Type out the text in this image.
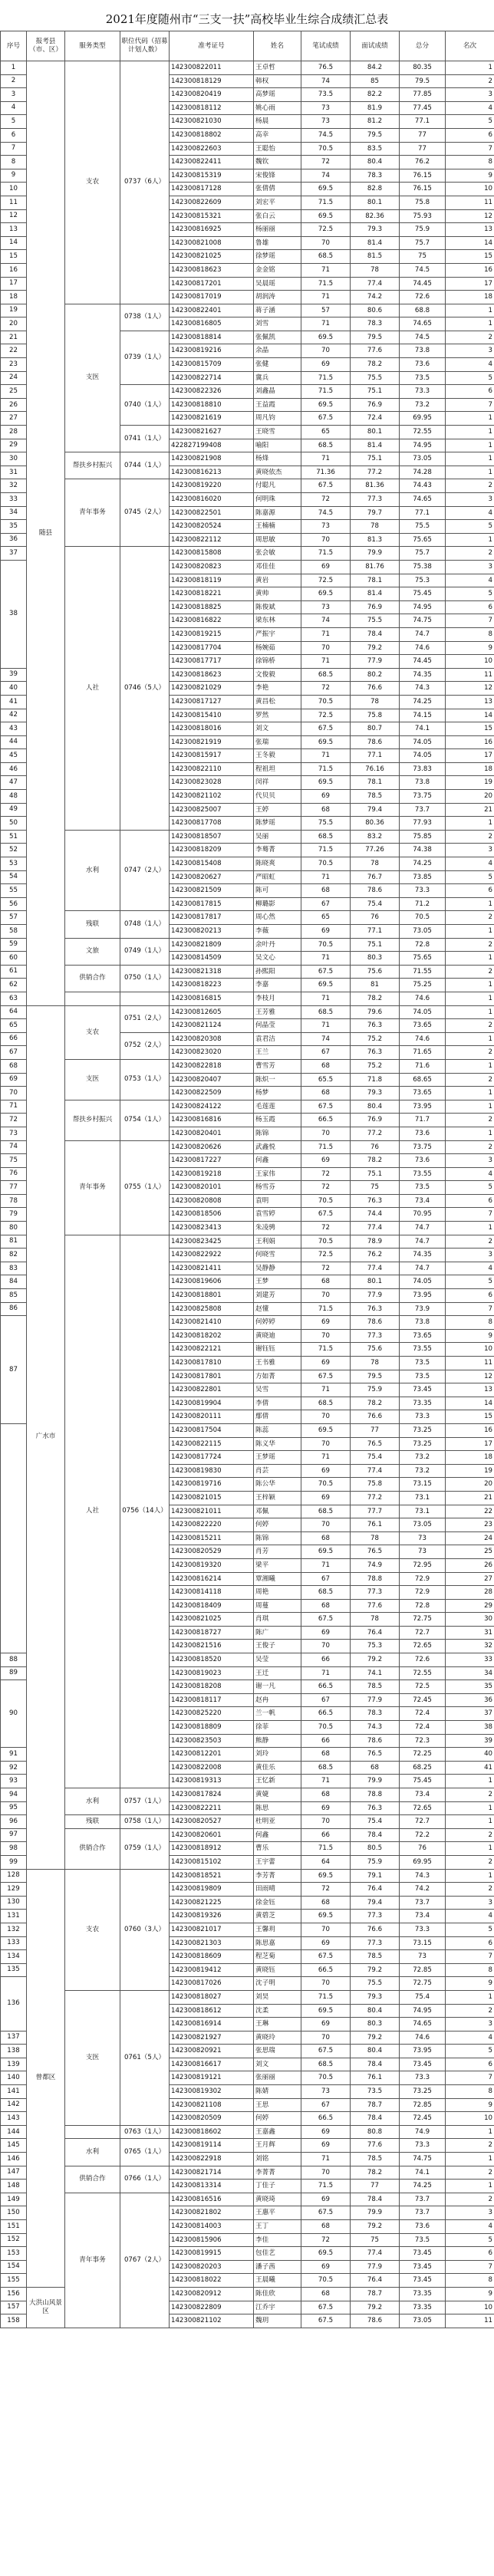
2021年度随州市“三支一扶”高校毕业生综合成绩汇总表
序号	报考县（市、区）	服务类型	职位代码（招募计划人数）	准考证号	姓名	笔试成绩	面试成绩	总分	名次
1	随县	支农	0737（6人）	142300822011	王卓哲	76.5	84.2	80.35	1
2				142300818129	韩权	74	85	79.5	2
3				142300820419	高梦瑶	73.5	82.2	77.85	3
4				142300818112	姚心雨	73	81.9	77.45	4
5				142300821030	杨晨	73	81.2	77.1	5
6				142300818802	高幸	74.5	79.5	77	6
7				142300822603	王聪怡	70.5	83.5	77	7
8				142300822411	魏钦	72	80.4	76.2	8
9				142300815319	宋俊锋	74	78.3	76.15	9
10				142300817128	张倩倩	69.5	82.8	76.15	10
11				142300822609	刘宏平	71.5	80.1	75.8	11
12				142300815321	张白云	69.5	82.36	75.93	12
13				142300816925	杨丽丽	72.5	79.3	75.9	13
14				142300821008	鲁雄	70	81.4	75.7	14
15				142300821025	徐梦瑶	68.5	81.5	75	15
16				142300818623	金金铭	71	78	74.5	16
17				142300817201	吴晨瑶	71.5	77.4	74.45	17
18				142300817019	胡润涛	71	74.2	72.6	18
19		支医	0738（1人）	142300822401	蒋子涵	57	80.6	68.8	1
20				142300816805	刘雪	71	78.3	74.65	1
21			0739（1人）	142300818814	张佩凯	69.5	79.5	74.5	2
22				142300819216	余晶	70	77.6	73.8	3
23				142300815709	张健	69	78.2	73.6	4
24				142300822714	冀兵	71.5	75.5	73.5	5
25			0740（1人）	142300822326	刘鑫晶	71.5	75.1	73.3	6
26				142300818810	王益霞	69.5	76.9	73.2	7
27				142300821619	周凡钧	67.5	72.4	69.95	1
28			0741（1人）	142300821627	王晓雪	65	80.1	72.55	1
29				422827199408	喻阳	68.5	81.4	74.95	1
30		帮扶乡村振兴	0744（1人）	142300821908	杨烽	71	75.1	73.05	1
31				142300816213	黄晓依杰	71.36	77.2	74.28	1
32		青年事务	0745（2人）	142300819220	付聪凡	67.5	81.36	74.43	2
33				142300816020	何明珠	72	77.3	74.65	3
34				142300822501	陈嘉源	74.5	79.7	77.1	4
35				142300820524	王楠楠	73	78	75.5	5
36				142300822112	周思敏	70	81.3	75.65	1
37		人社	0746（5人）	142300815808	张会敏	71.5	79.9	75.7	2
38				142300820823	邓佳佳	69	81.76	75.38	3
				142300818119	黄岩	72.5	78.1	75.3	4
				142300818221	黄帅	69.5	81.4	75.45	5
				142300818825	陈俊斌	73	76.9	74.95	6
				142300816822	梁东林	74	75.5	74.75	7
				142300819215	严振宇	71	78.4	74.7	8
				142300817704	杨婉茹	70	79.2	74.6	9
				142300817717	徐锦桥	71	77.9	74.45	10
39				142300818623	文俊毅	68.5	80.2	74.35	11
40				142300821029	李艳	72	76.6	74.3	12
41				142300817127	黄昌松	70.5	78	74.25	13
42				142300815410	罗然	72.5	75.8	74.15	14
43				142300818016	刘文	67.5	80.7	74.1	15
44				142300821919	张瑞	69.5	78.6	74.05	16
45				142300815917	王冬毅	71	77.1	74.05	17
46				142300822110	程祖坦	71.5	76.16	73.83	18
47				142300823028	闵祥	69.5	78.1	73.8	19
48				142300821102	代贝贝	69	78.5	73.75	20
49				142300825007	王婷	68	79.4	73.7	21
50				142300817708	陈梦瑶	75.5	80.36	77.93	1
51		水利	0747（2人）	142300818507	吴丽	68.5	83.2	75.85	2
52				142300818209	李蓦菁	71.5	77.26	74.38	3
53				142300815408	陈晓爽	70.5	78	74.25	4
54				142300820627	严昭虹	71	76.7	73.85	5
55				142300821509	陈可	68	78.6	73.3	6
56				142300817815	柳璐影	67	75.4	71.2	1
57		残联	0748（1人）	142300817817	周心然	65	76	70.5	2
58				142300820213	李薇	69	77.1	73.05	1
59		文旅	0749（1人）	142300821809	余叶丹	70.5	75.1	72.8	2
60				142300814509	吴文心	71	80.3	75.65	1
61		供销合作	0750（1人）	142300821318	孙熙阳	67.5	75.6	71.55	2
62				142300818223	李嘉	69.5	81	75.25	1
63				142300816815	李枝月	71	78.2	74.6	1
64	广水市	支农	0751（2人）	142300812605	王芳雅	68.5	79.6	74.05	1
65				142300821124	何晶莹	71	76.3	73.65	2
66			0752（2人）	142300820308	袁君洁	74	75.2	74.6	1
67				142300823020	王兰	67	76.3	71.65	2
68		支医	0753（1人）	142300822818	曹雪芳	68	75.2	71.6	1
69				142300820407	陈炽一	65.5	71.8	68.65	2
70				142300822509	杨梦	68	79.3	73.65	1
71		帮扶乡村振兴	0754（1人）	142300824122	毛莲莲	67.5	80.4	73.95	1
72				142300816816	杨玉霞	66.5	76.9	71.7	2
73				142300820401	陈锦	70	77.2	73.6	1
74		青年事务	0755（1人）	142300820626	武鑫悦	71.5	76	73.75	2
75				142300817227	何鑫	69	78.2	73.6	3
76				142300819218	王家伟	72	75.1	73.55	4
77				142300820101	杨雪芬	72	75	73.5	5
78				142300820808	袁明	70.5	76.3	73.4	6
79				142300818506	袁雪婷	67.5	74.4	70.95	7
80				142300823413	朱凌骋	72	77.4	74.7	1
81		人社	0756（14人）	142300823425	王利娟	70.5	78.9	74.7	2
82				142300822922	何晓雪	72.5	76.2	74.35	3
83				142300821411	吴静静	72	77.4	74.7	4
84				142300819606	王梦	68	80.1	74.05	5
85				142300818801	刘建芳	70	77.9	73.95	6
86				142300825808	赵懂	71.5	76.3	73.9	7
87				142300821410	何婷婷	69	78.6	73.8	8
				142300818202	黄晓迪	70	77.3	73.65	9
				142300822121	谢钰钰	71.5	75.6	73.55	10
				142300817810	王书雅	69	78	73.5	11
				142300817801	方如菁	67.5	79.5	73.5	12
				142300822801	吴雪	71	75.9	73.45	13
				142300819904	李倩	68.5	78.2	73.35	14
				142300820111	鄢倩	70	76.6	73.3	15
				142300817504	陈蕊	69.5	77	73.25	16
				142300822115	陈义华	70	76.5	73.25	17
				142300817724	王梦瑶	71	75.4	73.2	18
				142300819830	肖芸	69	77.4	73.2	19
				142300819716	陈公华	70.5	75.8	73.15	20
				142300821015	王梓颖	69	77.2	73.1	21
				142300821011	邓佩	68.5	77.7	73.1	22
				142300822220	何婷	70	76.1	73.05	23
				142300815211	陈锦	68	78	73	24
				142300820529	肖芳	69.5	76.5	73	25
				142300819320	梁平	71	74.9	72.95	26
				142300816214	覃湘曦	67	78.8	72.9	27
				142300814118	周艳	68.5	77.3	72.9	28
				142300818409	周蔓	68	77.6	72.8	29
				142300821025	肖琪	67.5	78	72.75	30
				142300818727	陈广	69	76.4	72.7	31
				142300821516	王俊子	70	75.3	72.65	32
88				142300818520	吴莹	66	79.2	72.6	33
89				142300819023	王迁	71	74.1	72.55	34
90				142300818208	谢一凡	66.5	78.5	72.5	35
				142300818117	赵冉	67	77.9	72.45	36
				142300825220	兰一帆	66.5	78.3	72.4	37
				142300818809	徐菲	70.5	74.3	72.4	38
				142300823503	熊静	66	78.6	72.3	39
91				142300812201	刘玲	68	76.5	72.25	40
92				142300822008	黄佳乐	68.5	68	68.25	41
93				142300819313	王忆新	71	79.9	75.45	1
94		水利	0757（1人）	142300817824	黄婕	68	78.8	73.4	2
95				142300822211	陈思	69	76.3	72.65	1
96		残联	0758（1人）	142300820527	杜明亚	70	75.4	72.7	1
97		供销合作	0759（1人）	142300820601	何鑫	66	78.4	72.2	2
98				142300818912	曹乐	71.5	80.5	76	1
99				142300815102	王宇蕾	64	75.9	69.95	2
128	曾都区	支农	0760（3人）	142300818521	李芳菁	69.5	79.1	74.3	1
129				142300819809	田雨晴	72	76.4	74.2	2
130				142300821225	徐金钰	68	79.4	73.7	3
131				142300819326	黄碧芝	69.5	77.3	73.4	4
132				142300821017	王馨玥	70	76.6	73.3	5
133				142300821303	陈思嘉	69	77.3	73.15	6
134				142300818609	程芝菊	67.5	78.5	73	7
135				142300819412	黄晓钰	66.5	79.2	72.85	8
136				142300817026	沈子明	70	75.5	72.75	9
		支医	0761（5人）	142300818027	刘昊	71.5	79.3	75.4	1
				142300818612	沈柔	69.5	80.4	74.95	2
				142300816914	王琳	69	80.3	74.65	3
137				142300821927	黄晓玲	70	79.2	74.6	4
138				142300820921	张思瑞	67.5	80.4	73.95	5
139				142300816617	刘文	68.5	78.4	73.45	6
140				142300819121	张丽丽	70.5	76.1	73.3	7
141				142300819302	陈婧	73	73.5	73.25	8
142				142300821108	王思	67	78.7	72.85	9
143				142300820509	何婷	66.5	78.4	72.45	10
144			0763（1人）	142300818602	王嘉鑫	69	80.8	74.9	1
145		水利	0765（1人）	142300819114	王月辉	69	77.6	73.3	2
146				142300822918	刘铭	71	78.5	74.75	1
147		供销合作	0766（1人）	142300821714	李菁菁	70	78.2	74.1	2
148				142300813314	丁佳子	71.5	77	74.25	1
149		青年事务	0767（2人）	142300816516	黄晓琦	69	78.4	73.7	2
150				142300821802	王惠平	67.5	79.9	73.7	3
151				142300814003	王丁	68	79.2	73.6	4
152				142300815906	李佳	72	75	73.5	5
153				142300819915	包佳艺	69.5	77.4	73.45	6
154				142300820203	潘子茜	69	77.9	73.45	7
155				142300818022	王晨曦	70.5	76.4	73.45	8
156	大洪山风景区			142300820912	陈佳欣	68	78.7	73.35	9
157				142300822809	江乔宇	67.5	79.2	73.35	10
158				142300821102	魏玥	67.5	78.6	73.05	11
